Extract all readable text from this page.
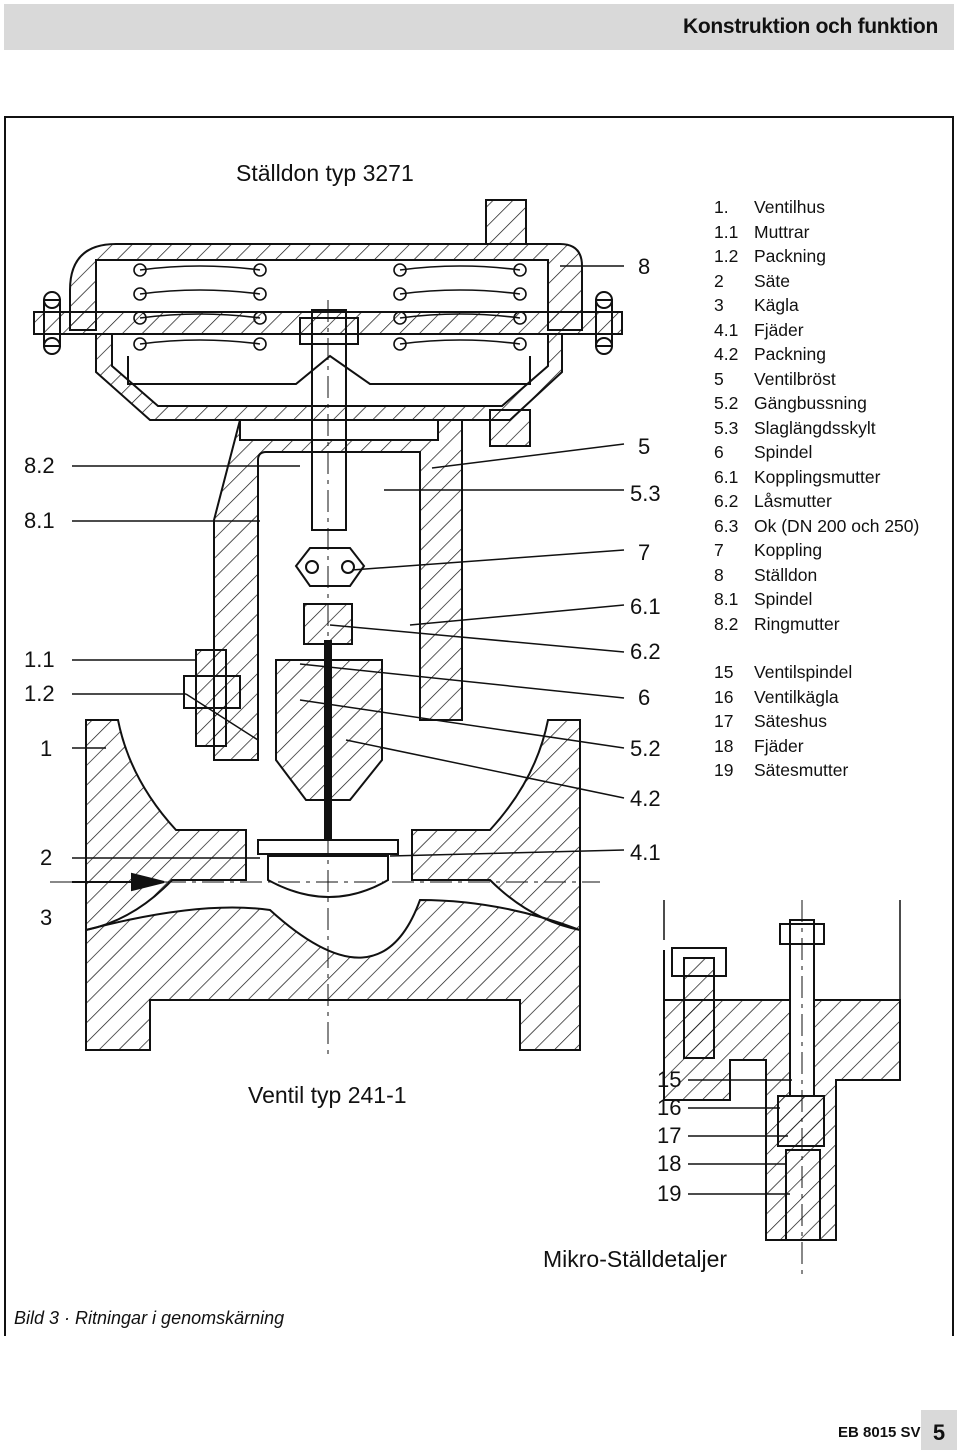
Konstruktion och funktion
Ställdon typ 3271
Ventil typ 241-1
Mikro-Ställdetaljer
8.2
8.1
1.1
1.2
1
2
3
8
5
5.3
7
6.1
6.2
6
5.2
4.2
4.1
15
16
17
18
19
1.	Ventilhus
1.1 Muttrar
1.2 Packning
2	Säte
3	Kägla
4.1 Fjäder
4.2 Packning
5	Ventilbröst
5.2 Gängbussning
5.3 Slaglängdsskylt
6	Spindel
6.1 Kopplingsmutter
6.2 Låsmutter
6.3 Ok (DN 200 och 250)
7	Koppling
8	Ställdon
8.1 Spindel
8.2 Ringmutter
15	Ventilspindel
16	Ventilkägla
17	Säteshus
18	Fjäder
19	Sätesmutter
Bild 3 · Ritningar i genomskärning
EB 8015 SV 5
